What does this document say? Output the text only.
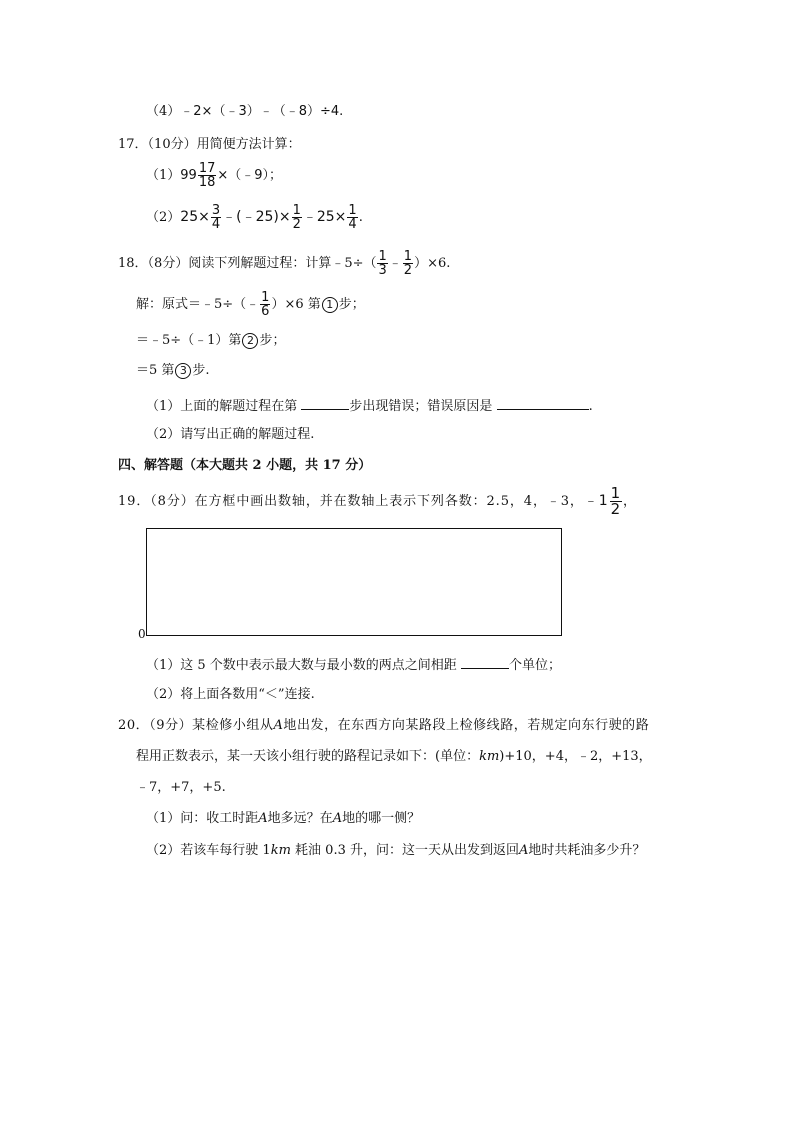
（4）﹣2×（﹣3）﹣（﹣8）÷4.
17．（10分）用简便方法计算：
$(1)99 \frac{17}{18}$ ×（﹣9）；
$(2)25\times \frac{3}{4}$ ﹣(﹣25)× $\frac{1}{2}$ ﹣25× $\frac{1}{4}$ .
18．（8分）阅读下列解题过程：计算﹣5÷（ $\frac{1}{3}$ ﹣ $\frac{1}{2} )\times 6$.
解：原式＝﹣5÷（﹣ $\frac{1}{6} )\times 6$ 第 1 步；
＝﹣5÷（﹣1）第 2 步；
＝5 第 3 步.
（1）上面的解题过程在第	步出现错误；错误原因是	.
（2）请写出正确的解题过程.
四、解答题（本大题共 2 小题，共 17 分）
19．（8分）在方框中画出数轴，并在数轴上表示下列各数：2.5，4，﹣3，﹣1 $\frac{1}{2}$ ，
0
（1）这 5 个数中表示最大数与最小数的两点之间相距	个单位；
（2）将上面各数用“＜”连接.
20．（9分）某检修小组从A地出发，在东西方向某路段上检修线路，若规定向东行驶的路
程用正数表示，某一天该小组行驶的路程记录如下：(单位：km)+10，+4，﹣2，+13，
﹣7，+7，+5.
（1）问：收工时距A地多远？在A地的哪一侧？
（2）若该车每行驶 1km 耗油 0.3 升，问：这一天从出发到返回A地时共耗油多少升？
